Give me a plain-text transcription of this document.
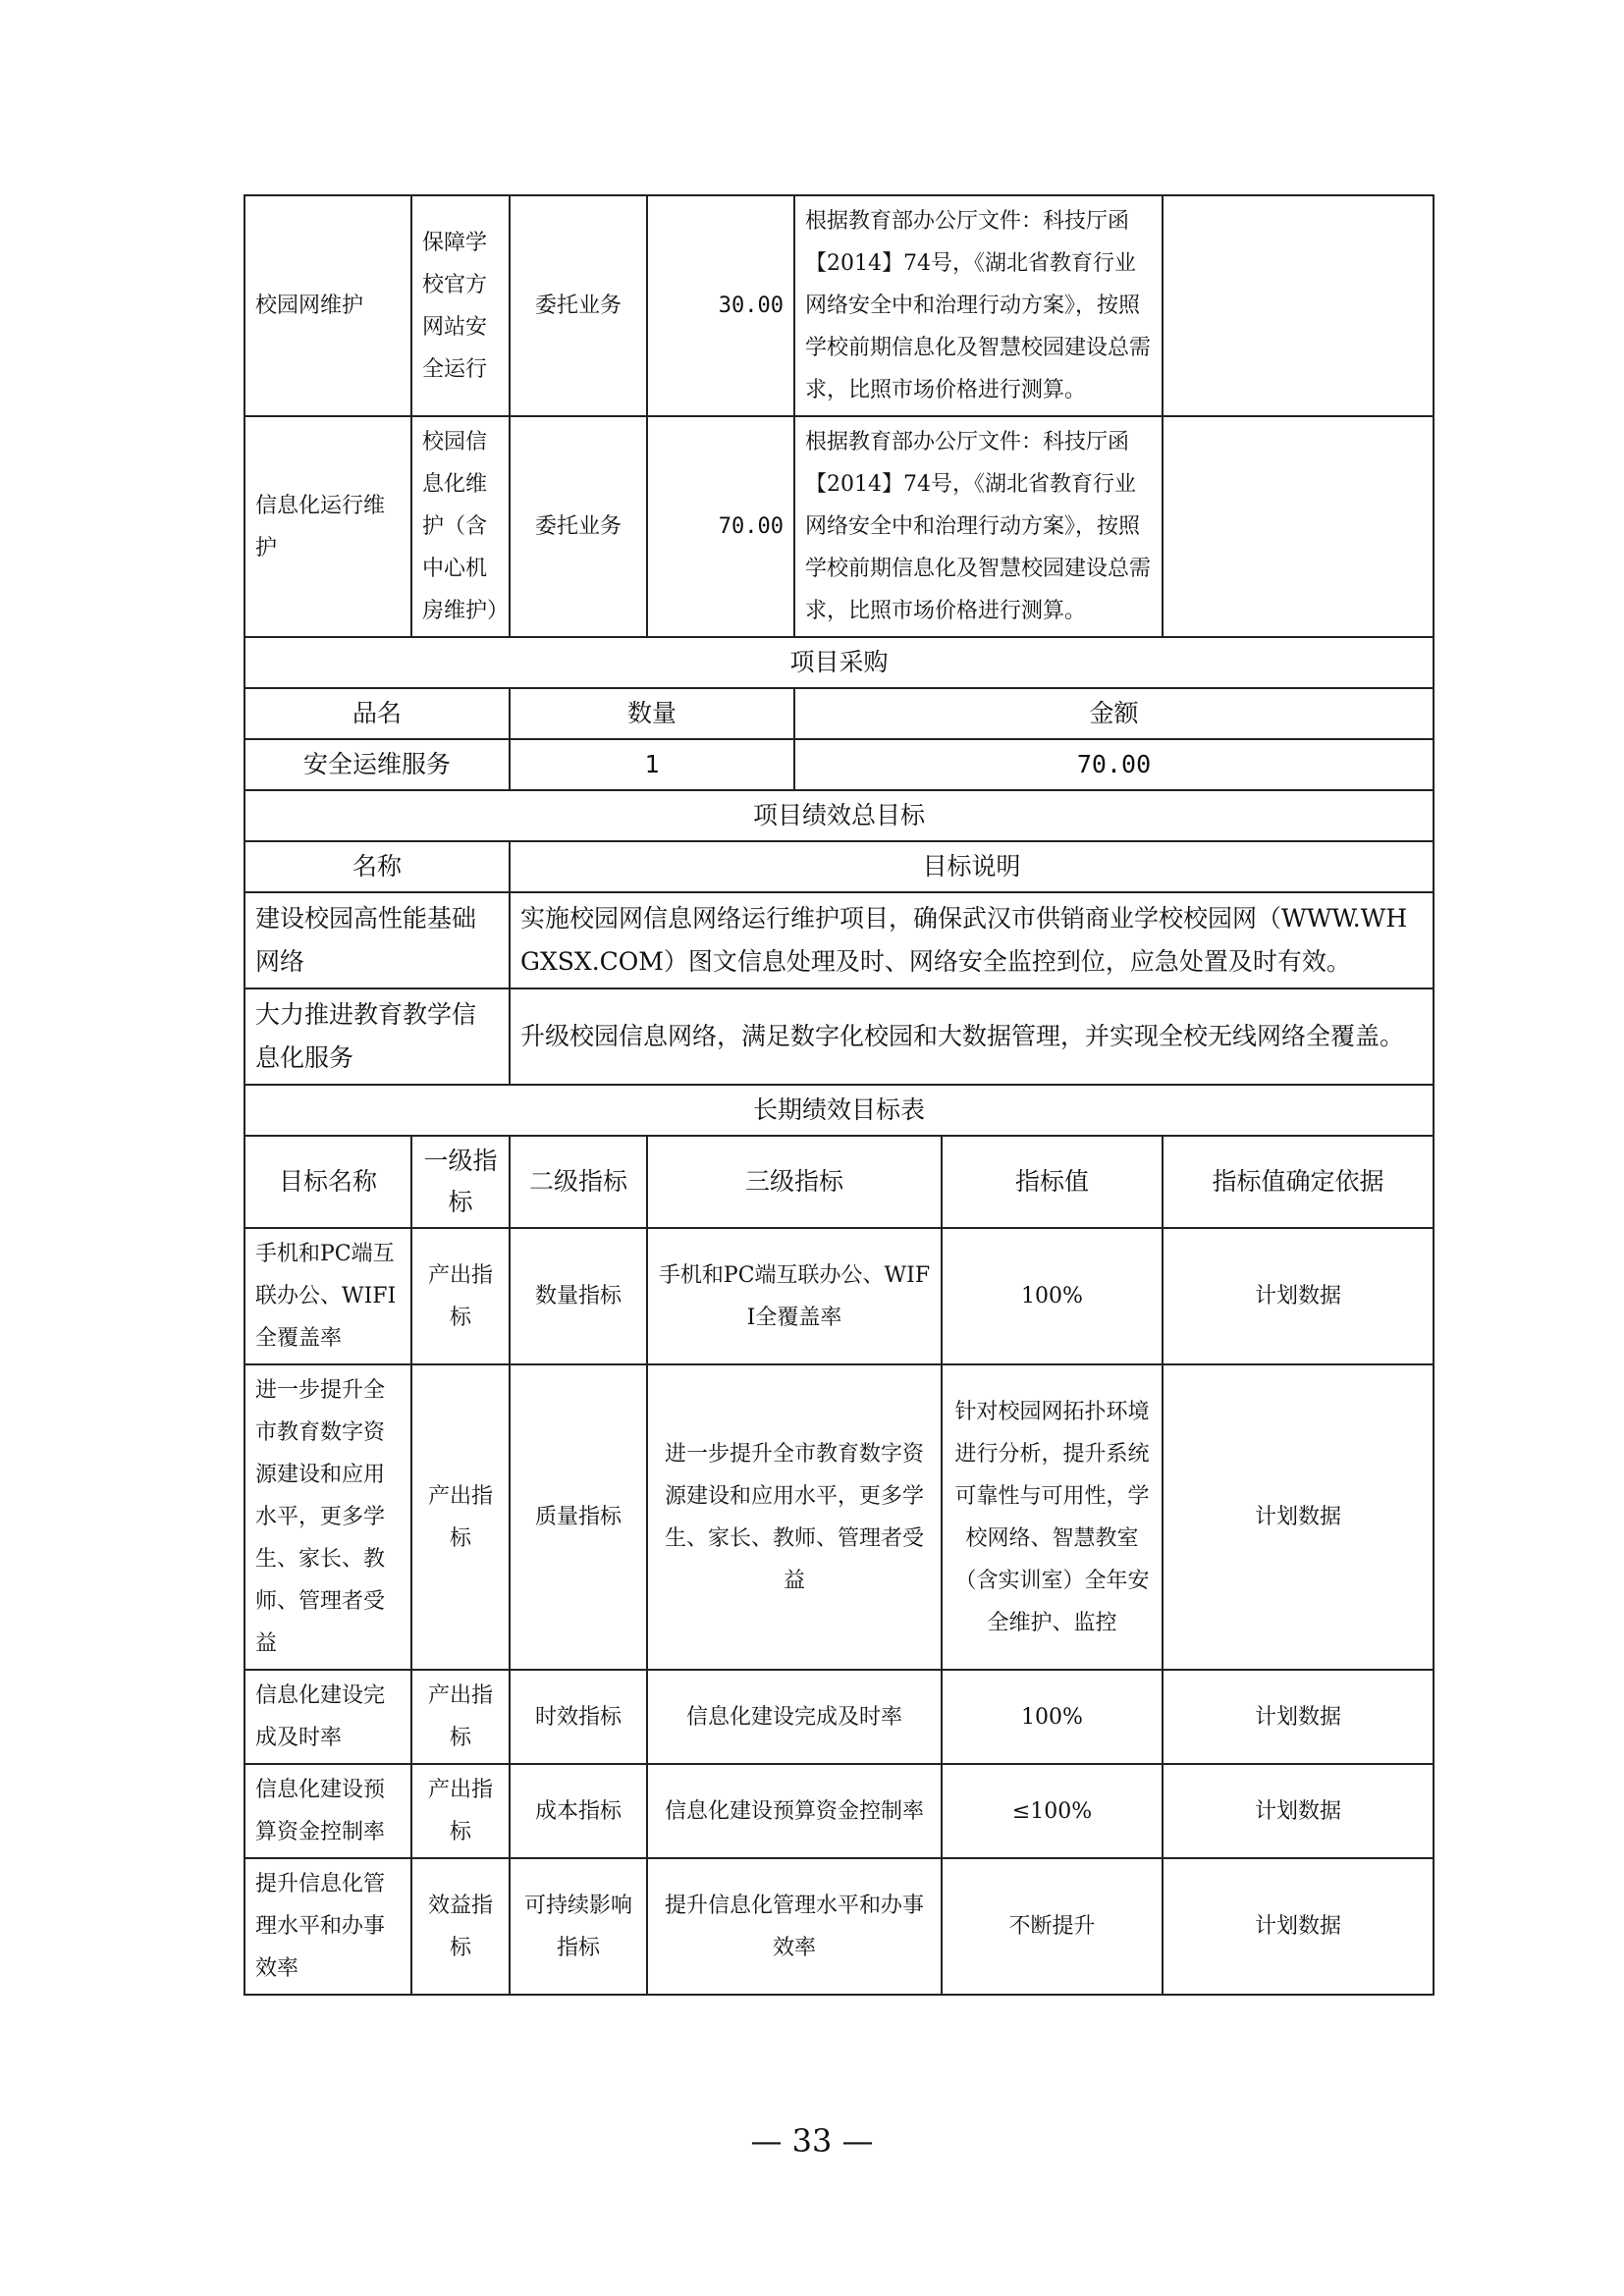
校园网维护	保障学校官方网站安全运行	委托业务	30.00	根据教育部办公厅文件：科技厅函【2014】74号，《湖北省教育行业网络安全中和治理行动方案》，按照学校前期信息化及智慧校园建设总需求，比照市场价格进行测算。		
信息化运行维护	校园信息化维护（含中心机房维护）	委托业务	70.00	根据教育部办公厅文件：科技厅函【2014】74号，《湖北省教育行业网络安全中和治理行动方案》，按照学校前期信息化及智慧校园建设总需求，比照市场价格进行测算。		
项目采购						
品名		数量		金额		
安全运维服务		1		70.00		
项目绩效总目标						
名称		目标说明				
建设校园高性能基础网络		实施校园网信息网络运行维护项目，确保武汉市供销商业学校校园网（WWW.WHGXSX.COM）图文信息处理及时、网络安全监控到位，应急处置及时有效。				
大力推进教育教学信息化服务		升级校园信息网络，满足数字化校园和大数据管理，并实现全校无线网络全覆盖。				
长期绩效目标表						
目标名称	一级指标	二级指标	三级指标		指标值	指标值确定依据
手机和PC端互联办公、WIFI全覆盖率	产出指标	数量指标	手机和PC端互联办公、WIFI全覆盖率		100%	计划数据
进一步提升全市教育数字资源建设和应用水平，更多学生、家长、教师、管理者受益	产出指标	质量指标	进一步提升全市教育数字资源建设和应用水平，更多学生、家长、教师、管理者受益		针对校园网拓扑环境进行分析，提升系统可靠性与可用性，学校网络、智慧教室（含实训室）全年安全维护、监控	计划数据
信息化建设完成及时率	产出指标	时效指标	信息化建设完成及时率		100%	计划数据
信息化建设预算资金控制率	产出指标	成本指标	信息化建设预算资金控制率		≤100%	计划数据
提升信息化管理水平和办事效率	效益指标	可持续影响指标	提升信息化管理水平和办事效率		不断提升	计划数据
— 33 —
